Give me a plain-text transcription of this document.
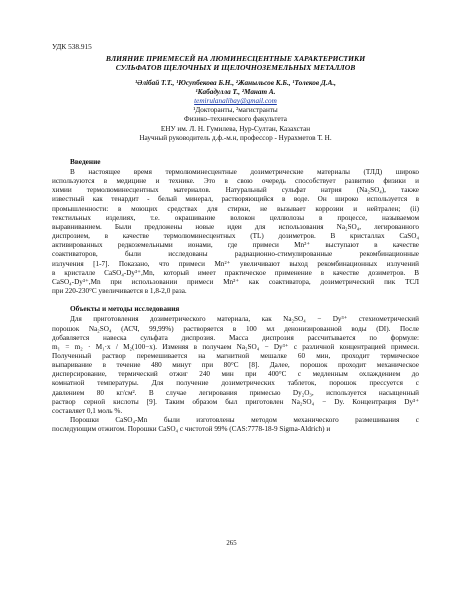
УДК 538.915
ВЛИЯНИЕ ПРИЕМЕСЕЙ НА ЛЮМИНЕСЦЕНТНЫЕ ХАРАКТЕРИСТИКИ
СУЛЬФАТОВ ЩЕЛОЧНЫХ И ЩЕЛОЧНОЗЕМЕЛЬНЫХ МЕТАЛЛОВ
¹Әлібай Т.Т., ¹Юсупбекова Б.Н., ²Жаныльсов К.Б., ¹Толеков Д.А.,
¹Кабадулла Т., ²Манат А.
temirulanalibay@gmail.com
¹Докторанты, ²магистранты
Физико–технического факультета
ЕНУ им. Л. Н. Гумилева, Нур-Султан, Казахстан
Научный руководитель д.ф.-м.н, профессор - Нурахметов Т. Н.
Введение
В настоящее время термолюминесцентные дозиметрические материалы (ТЛД) широко
используются в медицине и технике. Это в свою очередь способствует развитию физики и
химии термолюминесцентных материалов. Натуральный сульфат натрия (Na₂SO₄), также
известный как тенардит - белый минерал, растворяющийся в воде. Он широко используется в
промышленности: в моющих средствах для стирки, не вызывает коррозии и нейтрален; (ii)
текстильных изделиях, т.е. окрашивание волокон целлюлозы в процессе, называемом
выравниванием. Были предложены новые идеи для использования Na₂SO₄, легированного
диспрозием, в качестве термолюминесцентных (TL) дозиметров. В кристаллах CaSO₄
активированных редкоземельными ионами, где примеси Mn²⁺ выступают в качестве
соактиваторов, были исследованы радиационно-стимулированные рекомбинационные
излучения [1-7]. Показано, что примеси Mn²⁺ увеличивают выход рекомбинационных излучений
в кристалле CaSO₄-Dy³⁺,Mn, который имеет практическое применение в качестве дозиметров. В
CaSO₄-Dy³⁺,Mn при использовании примеси Mn²⁺ как соактиватора, дозиметрический пик ТСЛ
при 220-230°C увеличивается в 1,8-2,0 раза.
Объекты и методы исследования
Для приготовления дозиметрического материала, как Na₂SO₄ − Dy³⁺ стехиометрический
порошок Na₂SO₄ (АСЧ, 99,99%) растворяется в 100 мл денонизированной воды (DI). После
добавляется навеска сульфата диспрозия. Масса диспрозия рассчитывается по формуле:
m₁ = m₂ · M₁·x / M₂(100−x). Изменяя в получаем Na₂SO₄ − Dy³⁺ с различной концентрацией примеси.
Полученный раствор перемешивается на магнитной мешалке 60 мин, проходит термическое
выпаривание в течение 480 минут при 80°C [8]. Далее, порошок проходит механическое
дисперсирование, термический отжиг 240 мин при 400°C с медленным охлаждением до
комнатной температуры. Для получение дозиметрических таблеток, порошок прессуется с
давлением 80 кг/см². В случае легирования примесью Dy₂O₃, используется насыщенный
раствор серной кислоты [9]. Таким образом был приготовлен Na₂SO₄ − Dy. Концентрация Dy³⁺
составляет 0,1 моль %.
Порошки CaSO₄-Mn были изготовлены методом механического размешивания с
последующим отжигом. Порошки CaSO₄ с чистотой 99% (CAS:7778-18-9 Sigma-Aldrich) и
265
